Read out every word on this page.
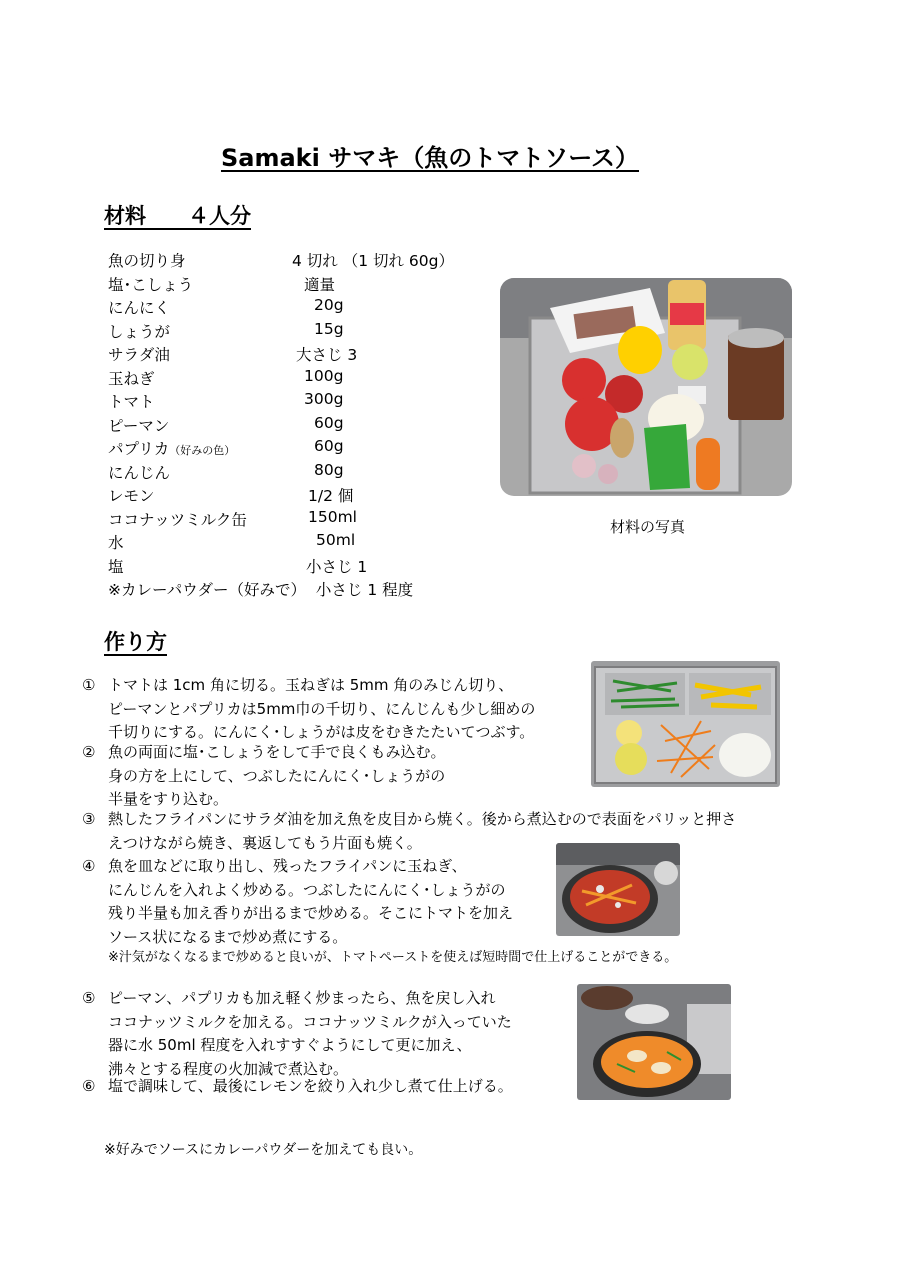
Samaki サマキ（魚のトマトソース）
材料　　４人分
魚の切り身	4 切れ （1 切れ 60g）
塩･こしょう	適量
にんにく	20g
しょうが	15g
サラダ油	大さじ 3
玉ねぎ	100g
トマト	300g
ピーマン	60g
パプリカ（好みの色）	60g
にんじん	80g
レモン	1/2 個
ココナッツミルク缶	150ml
水	50ml
塩	小さじ 1
※カレーパウダー（好みで）  小さじ 1 程度
材料の写真
作り方
① トマトは 1cm 角に切る。玉ねぎは 5mm 角のみじん切り、
ピーマンとパプリカは5mm巾の千切り、にんじんも少し細めの
千切りにする。にんにく･しょうがは皮をむきたたいてつぶす。
② 魚の両面に塩･こしょうをして手で良くもみ込む。
身の方を上にして、つぶしたにんにく･しょうがの
半量をすり込む。
③ 熱したフライパンにサラダ油を加え魚を皮目から焼く。後から煮込むので表面をパリッと押さ
えつけながら焼き、裏返してもう片面も焼く。
④ 魚を皿などに取り出し、残ったフライパンに玉ねぎ、
にんじんを入れよく炒める。つぶしたにんにく･しょうがの
残り半量も加え香りが出るまで炒める。そこにトマトを加え
ソース状になるまで炒め煮にする。
※汁気がなくなるまで炒めると良いが、トマトペーストを使えば短時間で仕上げることができる。
⑤ ピーマン、パプリカも加え軽く炒まったら、魚を戻し入れ
ココナッツミルクを加える。ココナッツミルクが入っていた
器に水 50ml 程度を入れすすぐようにして更に加え、
沸々とする程度の火加減で煮込む。
⑥ 塩で調味して、最後にレモンを絞り入れ少し煮て仕上げる。
※好みでソースにカレーパウダーを加えても良い。
